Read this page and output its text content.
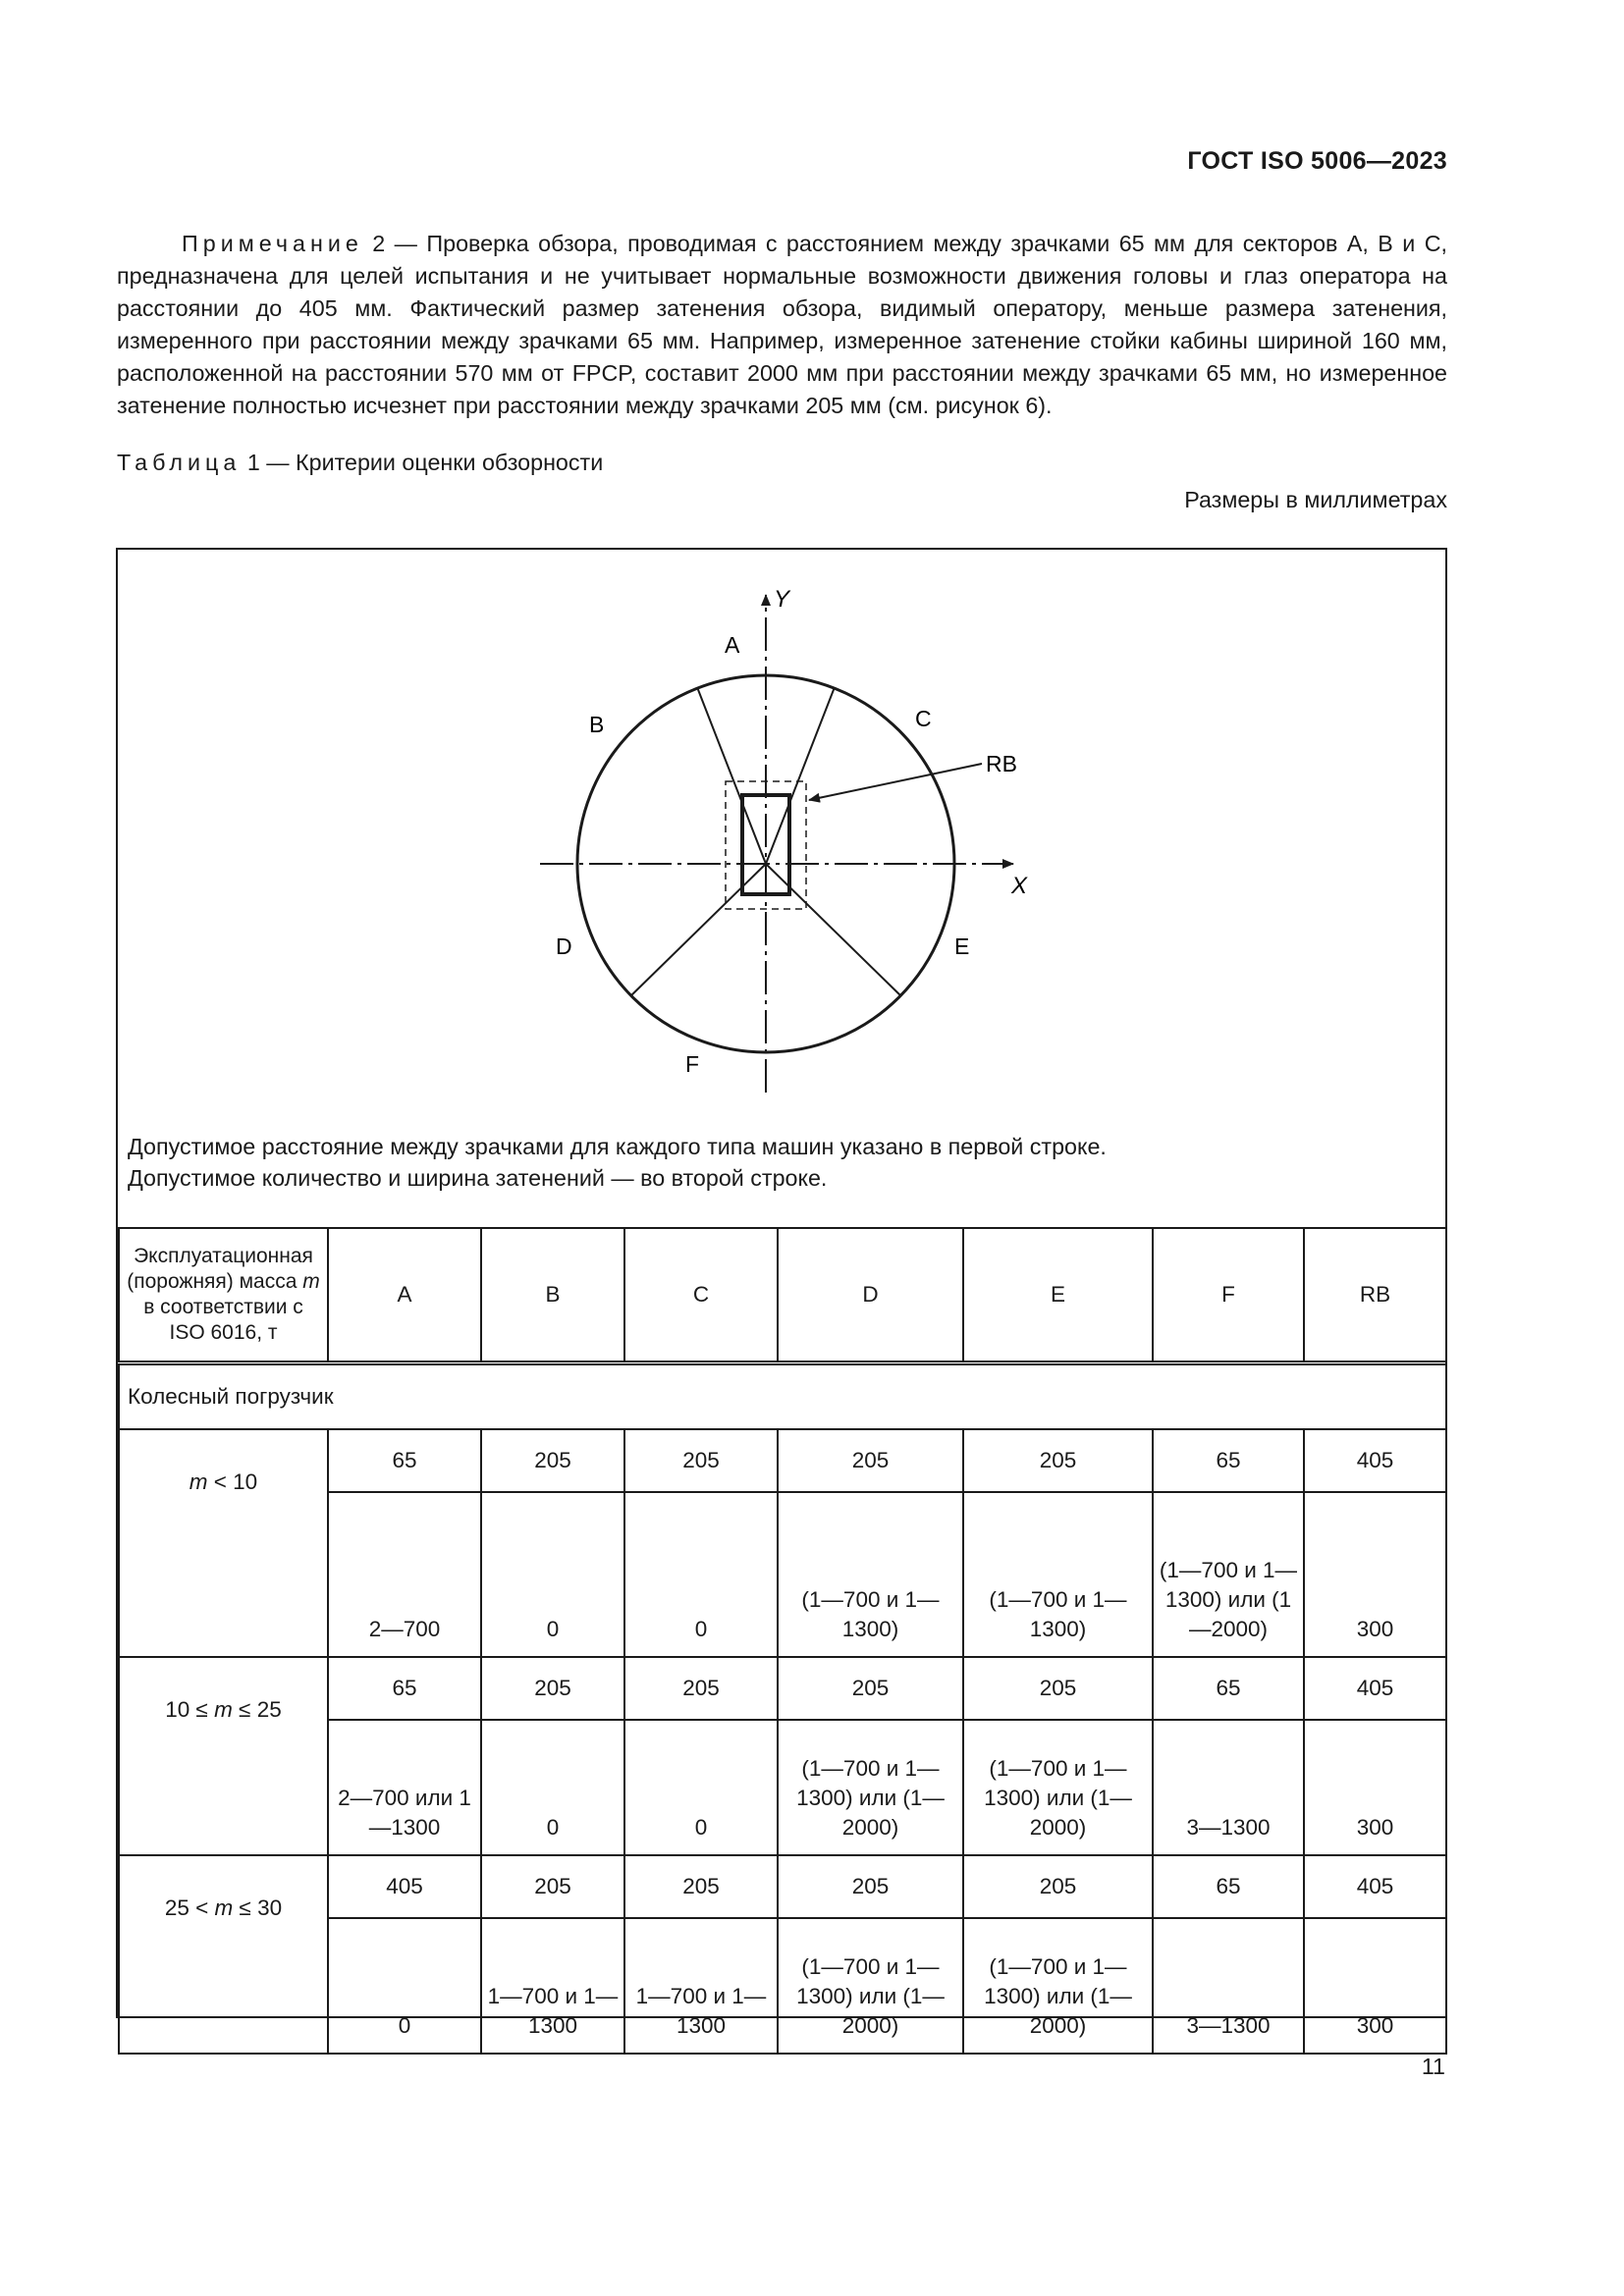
ГОСТ ISO 5006—2023

Примечание 2 — Проверка обзора, проводимая с расстоянием между зрачками 65 мм для секторов А, В и С, предназначена для целей испытания и не учитывает нормальные возможности движения головы и глаз оператора на расстоянии до 405 мм. Фактический размер затенения обзора, видимый оператору, меньше размера затенения, измеренного при расстоянии между зрачками 65 мм. Например, измеренное затенение стойки кабины шириной 160 мм, расположенной на расстоянии 570 мм от FPCP, составит 2000 мм при расстоянии между зрачками 65 мм, но измеренное затенение полностью исчезнет при расстоянии между зрачками 205 мм (см. рисунок 6).

Таблица 1 — Критерии оценки обзорности
Размеры в миллиметрах
Y
X
A
B	C
RB
D	E
F
Допустимое расстояние между зрачками для каждого типа машин указано в первой строке.
Допустимое количество и ширина затенений — во второй строке.
Эксплуатационная (порожняя) масса m в соответствии с ISO 6016, т	A	B	C	D	E	F	RB
Колесный погрузчик							
m < 10	65	205	205	205	205	65	405
	2—700	0	0	(1—700 и 1—1300)	(1—700 и 1—1300)	(1—700 и 1—1300) или (1—2000)	300
10 ≤ m ≤ 25	65	205	205	205	205	65	405
	2—700 или 1—1300	0	0	(1—700 и 1—1300) или (1—2000)	(1—700 и 1—1300) или (1—2000)	3—1300	300
25 < m ≤ 30	405	205	205	205	205	65	405
	0	1—700 и 1—1300	1—700 и 1—1300	(1—700 и 1—1300) или (1—2000)	(1—700 и 1—1300) или (1—2000)	3—1300	300
11
